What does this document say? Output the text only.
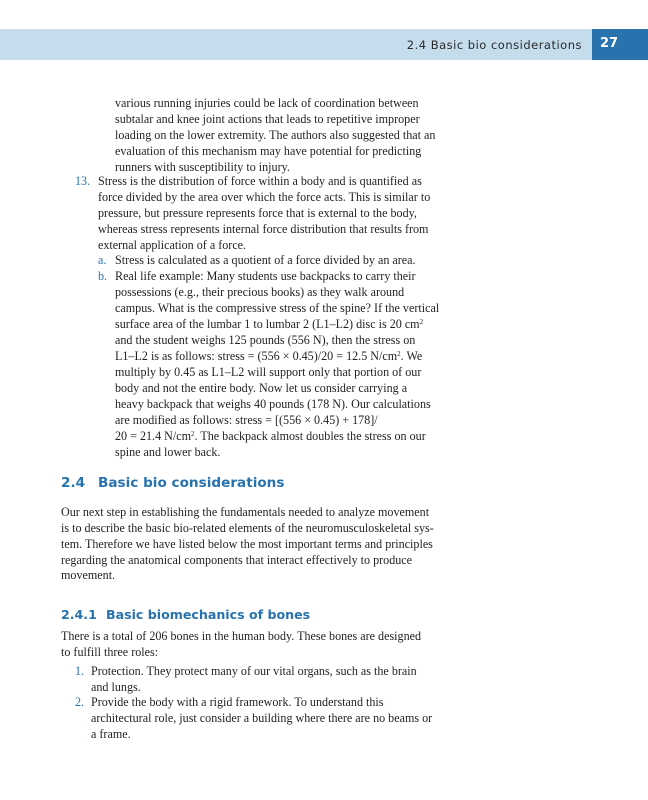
2.4 Basic bio considerations 27
various running injuries could be lack of coordination between
subtalar and knee joint actions that leads to repetitive improper
loading on the lower extremity. The authors also suggested that an
evaluation of this mechanism may have potential for predicting
runners with susceptibility to injury.
13. Stress is the distribution of force within a body and is quantified as
force divided by the area over which the force acts. This is similar to
pressure, but pressure represents force that is external to the body,
whereas stress represents internal force distribution that results from
external application of a force.
a. Stress is calculated as a quotient of a force divided by an area.
b. Real life example: Many students use backpacks to carry their
possessions (e.g., their precious books) as they walk around
campus. What is the compressive stress of the spine? If the vertical
surface area of the lumbar 1 to lumbar 2 (L1–L2) disc is 20 $cm^2$
and the student weighs 125 pounds (556 N), then the stress on
L1–L2 is as follows: stress = (556 × 0.45)/20 = 12.5 $N/cm^2$. We
multiply by 0.45 as L1–L2 will support only that portion of our
body and not the entire body. Now let us consider carrying a
heavy backpack that weighs 40 pounds (178 N). Our calculations
are modified as follows: stress = [(556 × 0.45) + 178]/
20 = 21.4 $N/cm^2$. The backpack almost doubles the stress on our
spine and lower back.
2.4 Basic bio considerations
Our next step in establishing the fundamentals needed to analyze movement
is to describe the basic bio-related elements of the neuromusculoskeletal sys-
tem. Therefore we have listed below the most important terms and principles
regarding the anatomical components that interact effectively to produce
movement.
2.4.1 Basic biomechanics of bones
There is a total of 206 bones in the human body. These bones are designed
to fulfill three roles:
1. Protection. They protect many of our vital organs, such as the brain
and lungs.
2. Provide the body with a rigid framework. To understand this
architectural role, just consider a building where there are no beams or
a frame.
